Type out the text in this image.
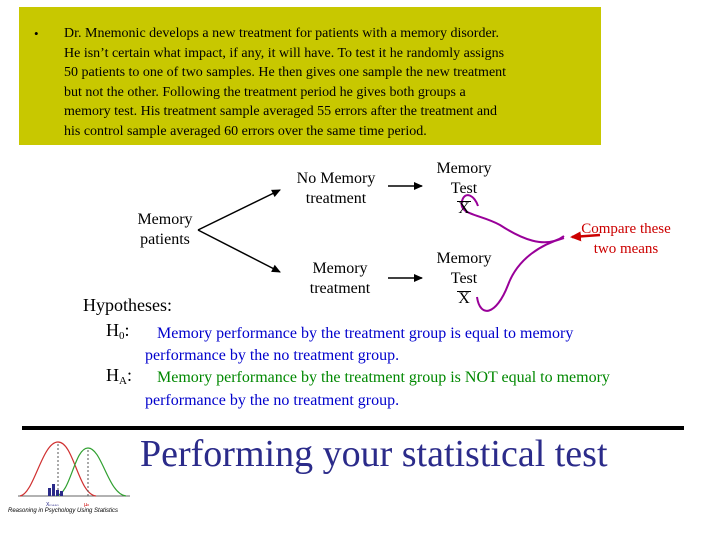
• Dr. Mnemonic develops a new treatment for patients with a memory disorder.
He isn’t certain what impact, if any, it will have. To test it he randomly assigns
50 patients to one of two samples. He then gives one sample the new treatment
but not the other. Following the treatment period he gives both groups a
memory test. His treatment sample averaged 55 errors after the treatment and
his control sample averaged 60 errors over the same time period.
Memory
patients
No Memory
treatment
Memory
treatment
Memory
Test
X
Memory
Test
X
Compare these
two means
Hypotheses:
$H_0$: Memory performance by the treatment group is equal to memory
performance by the no treatment group.
$H_A$: Memory performance by the treatment group is NOT equal to memory
performance by the no treatment group.
Xₘₑₐₙ	μ₀
Performing your statistical test
Reasoning in Psychology Using Statistics
